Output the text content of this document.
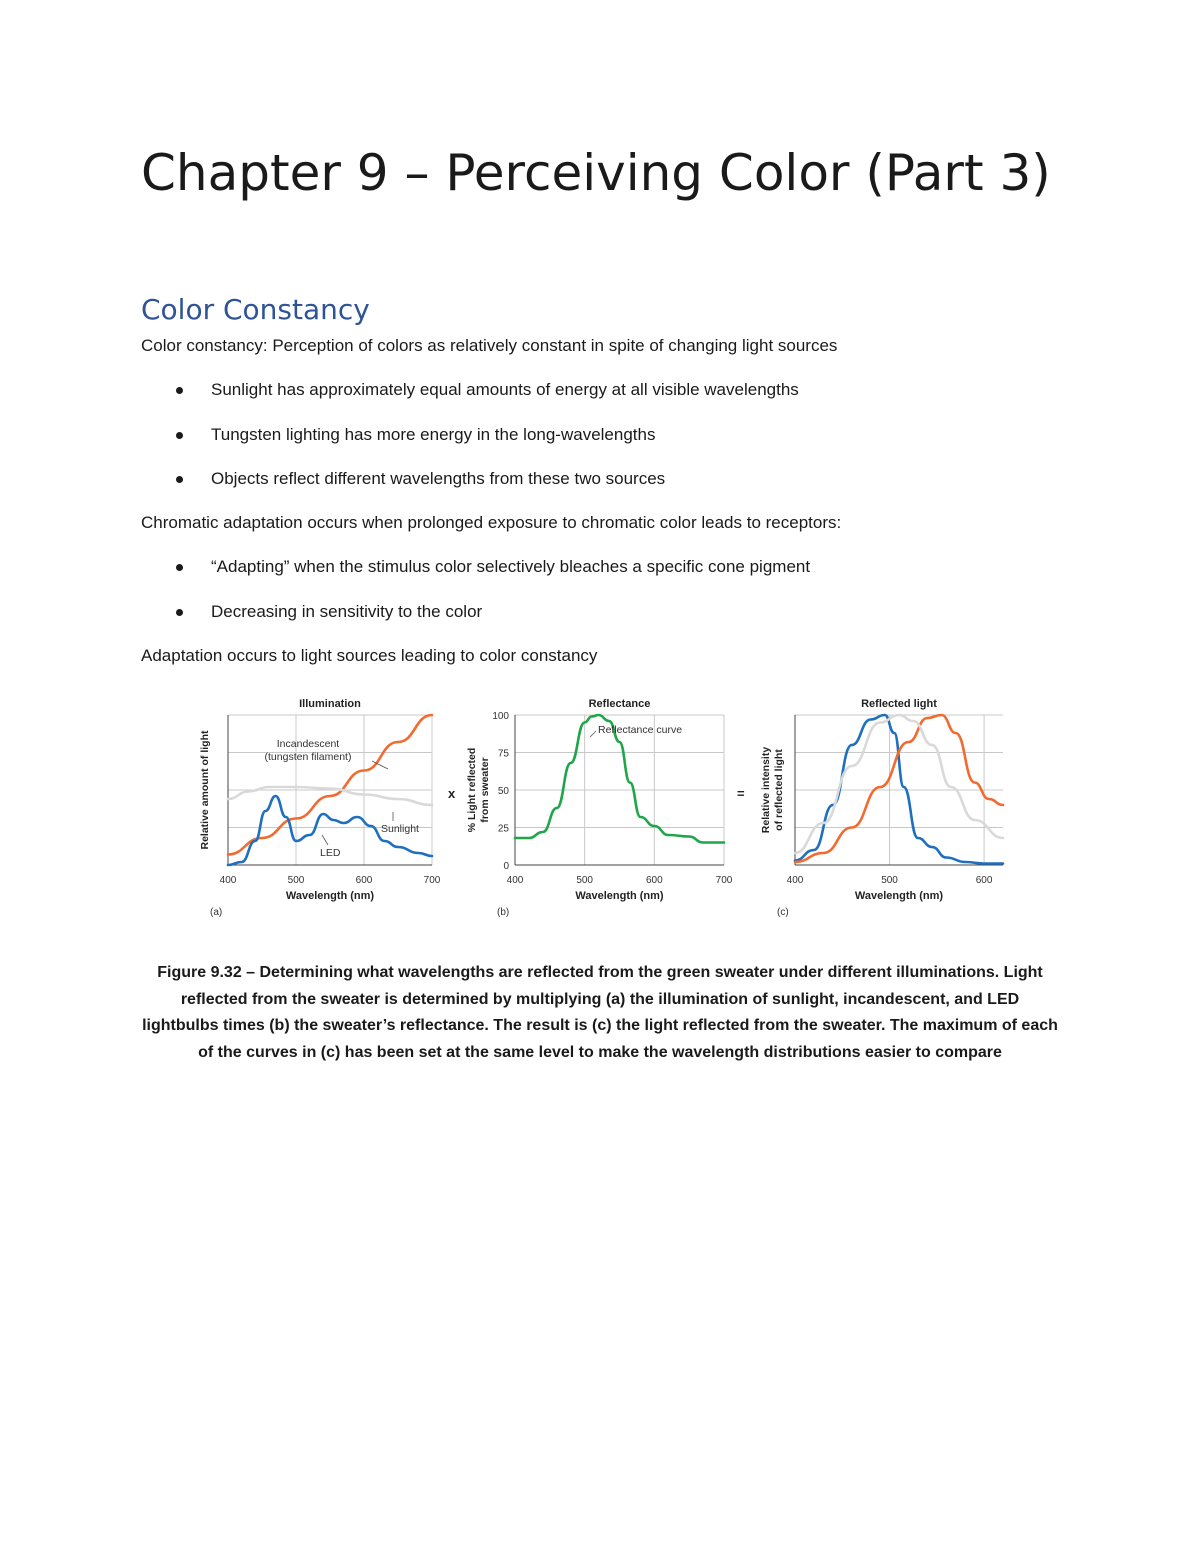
Chapter 9 – Perceiving Color (Part 3)
Color Constancy

Color constancy: Perception of colors as relatively constant in spite of changing light sources

Sunlight has approximately equal amounts of energy at all visible wavelengths
Tungsten lighting has more energy in the long-wavelengths
Objects reflect different wavelengths from these two sources

Chromatic adaptation occurs when prolonged exposure to chromatic color leads to receptors:

“Adapting” when the stimulus color selectively bleaches a specific cone pigment
Decreasing in sensitivity to the color

Adaptation occurs to light sources leading to color constancy

400	500	600	700
Illumination
Wavelength (nm)
(a)
Relative amount of light	Incandescent (tungsten filament)
Sunlight
LED
0
25
50
75
100
400	500	600	700
Reflectance
Wavelength (nm)
(b)
% Light reflectedfrom sweater
Reflectance curve
400	500	600
Reflected light
Wavelength (nm)
(c)
Relative intensityof reflected light
x	=

Figure 9.32 – Determining what wavelengths are reflected from the green sweater under different illuminations. Light reflected from the sweater is determined by multiplying (a) the illumination of sunlight, incandescent, and LED lightbulbs times (b) the sweater’s reflectance. The result is (c) the light reflected from the sweater. The maximum of each of the curves in (c) has been set at the same level to make the wavelength distributions easier to compare
